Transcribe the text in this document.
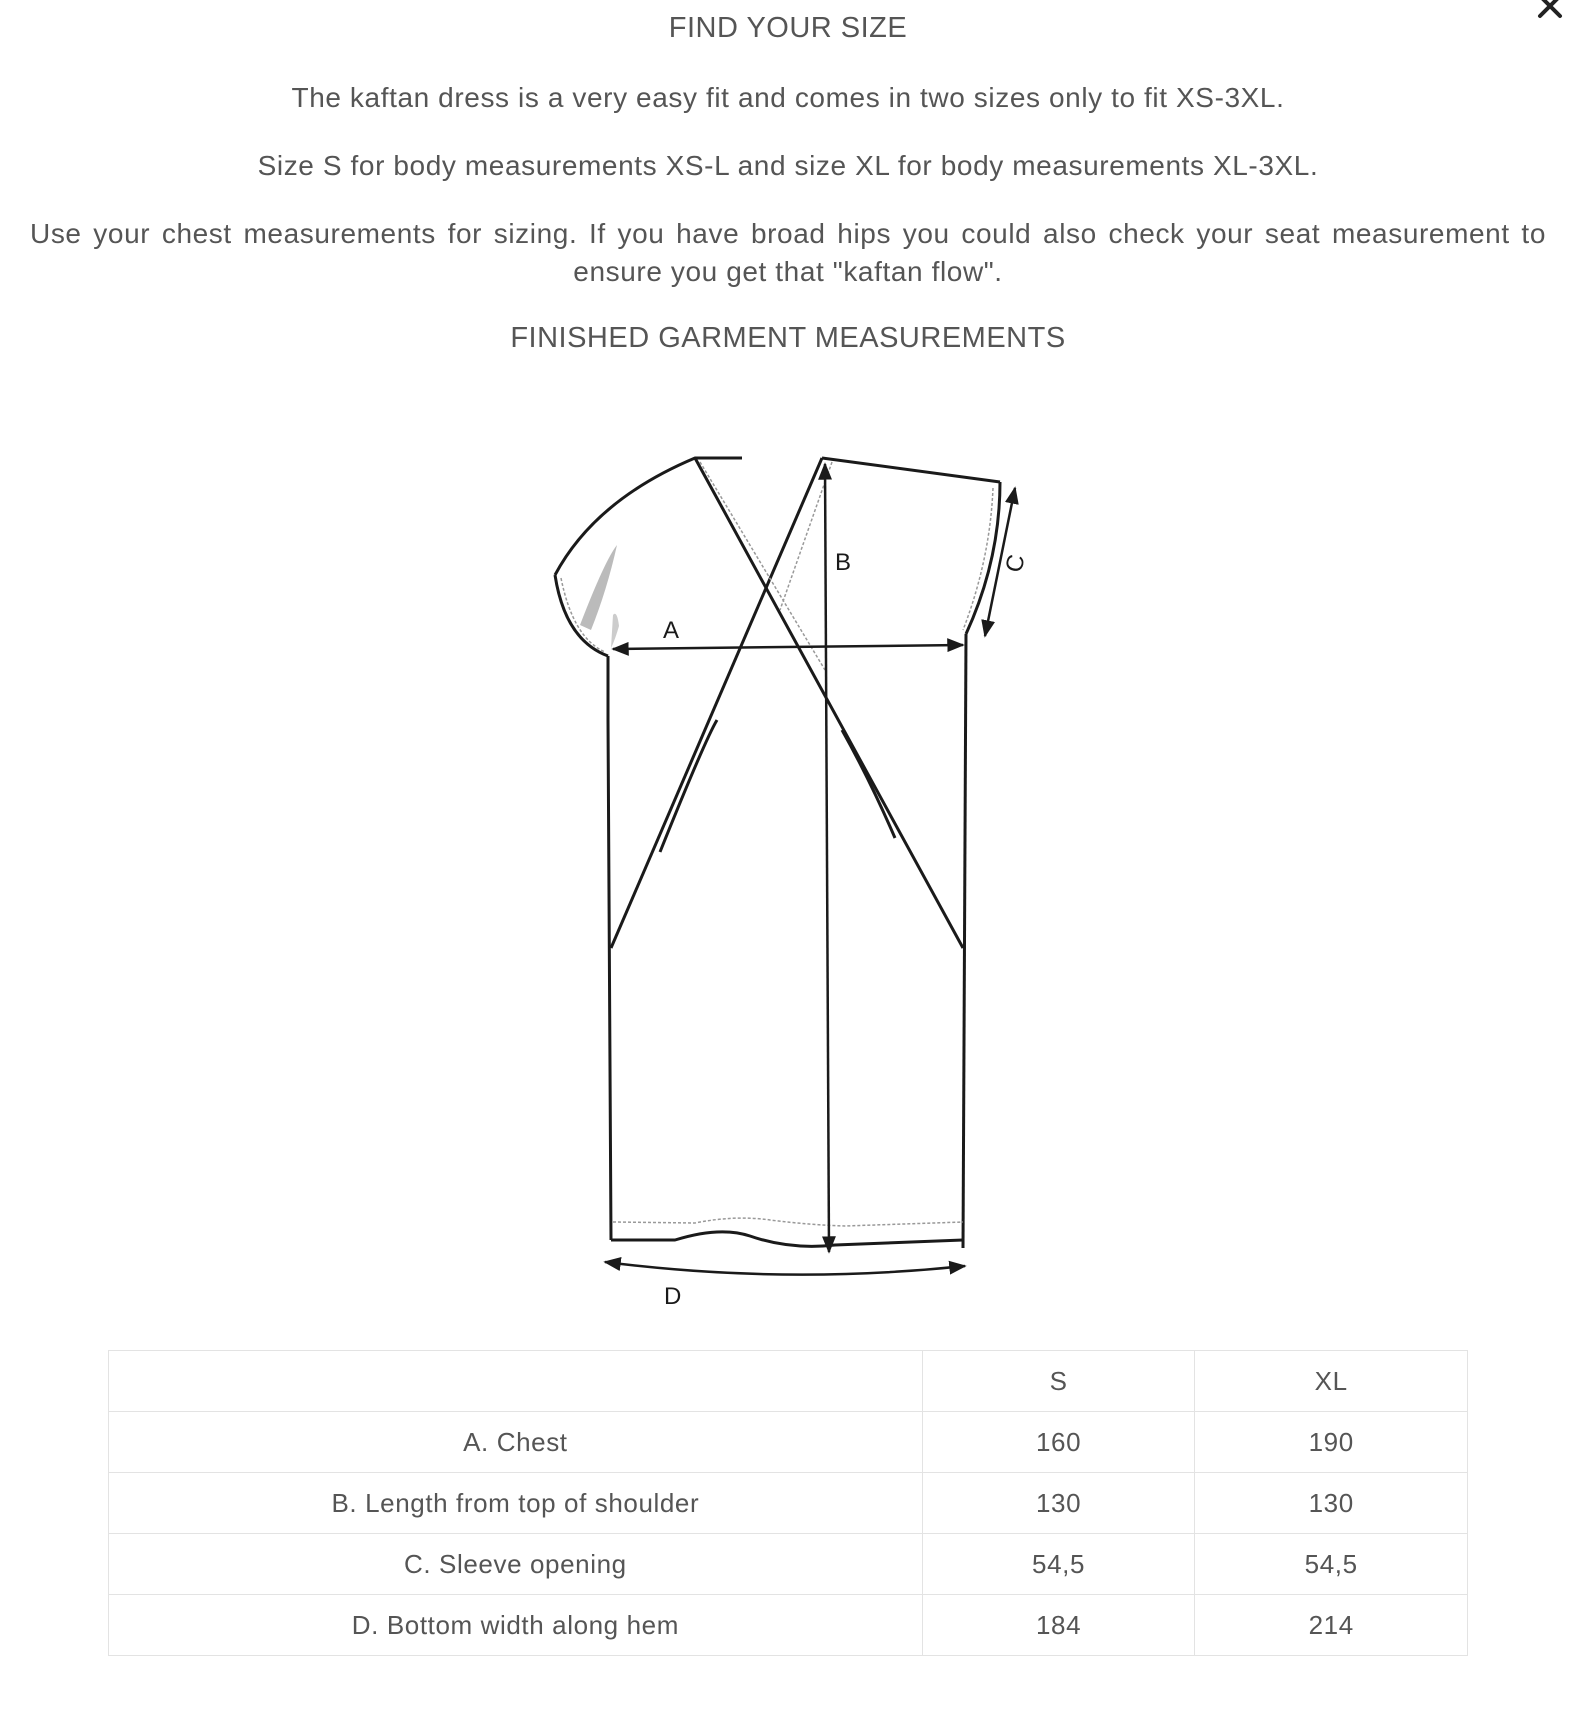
FIND YOUR SIZE

The kaftan dress is a very easy fit and comes in two sizes only to fit XS-3XL.

Size S for body measurements XS-L and size XL for body measurements XL-3XL.

Use your chest measurements for sizing. If you have broad hips you could also check your seat measurement to ensure you get that "kaftan flow".

FINISHED GARMENT MEASUREMENTS
A
B	C
D
	S	XL
A. Chest	160	190
B. Length from top of shoulder	130	130
C. Sleeve opening	54,5	54,5
D. Bottom width along hem	184	214
